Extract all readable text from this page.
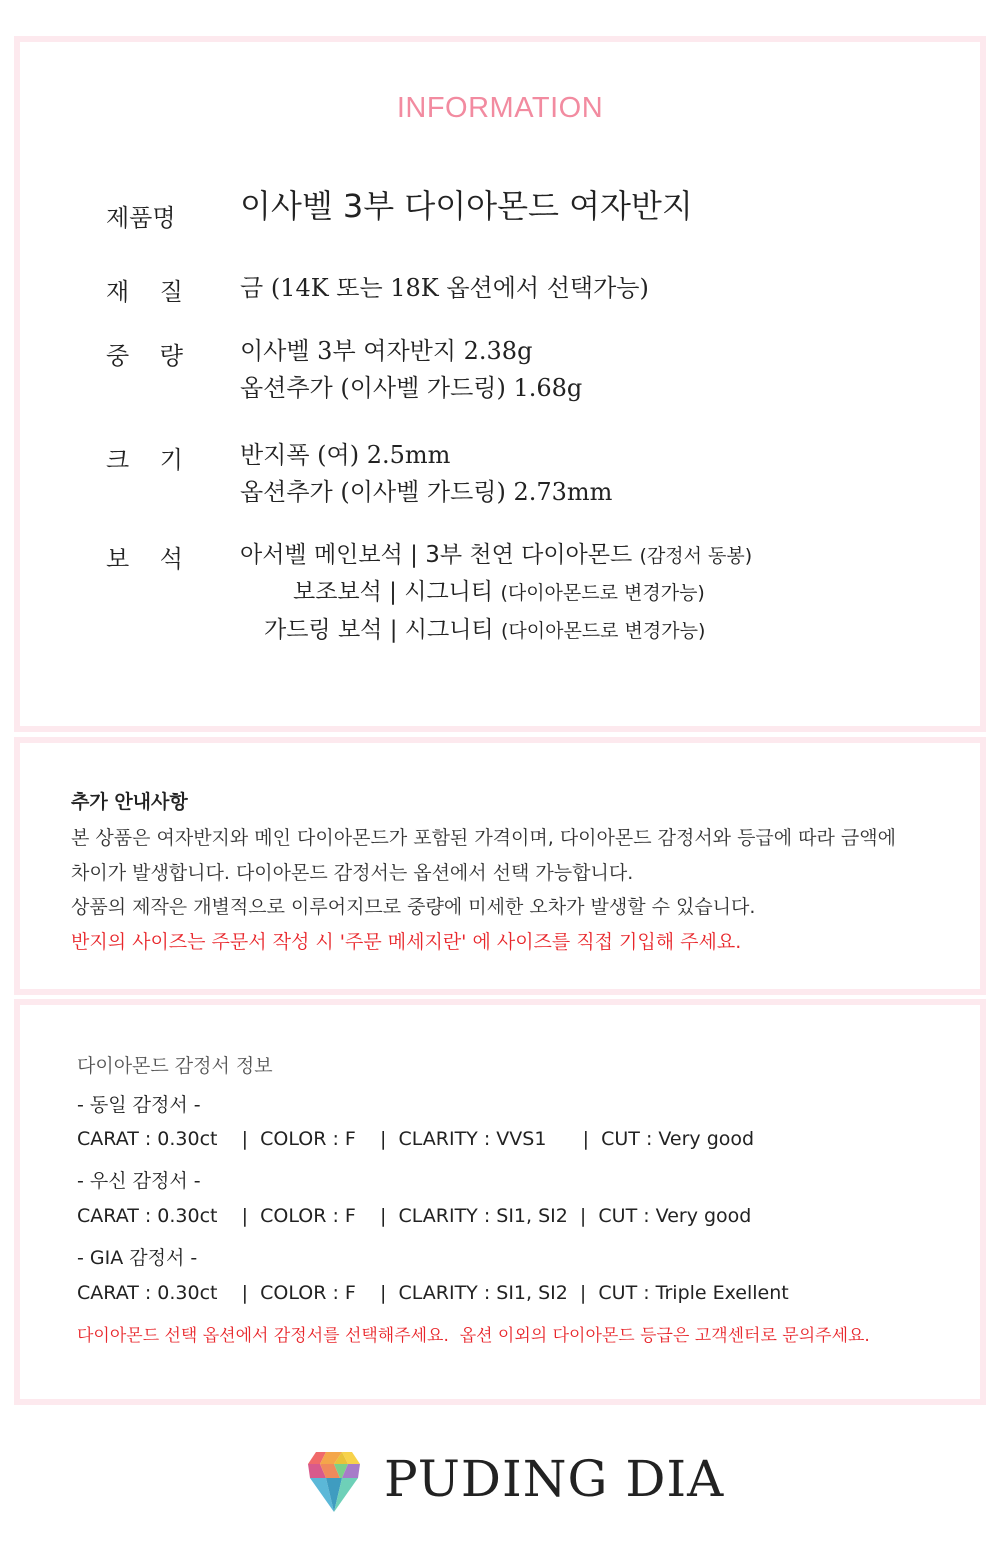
INFORMATION
제품명 이사벨 3부 다이아몬드 여자반지
재    질 금 (14K 또는 18K 옵션에서 선택가능)
중    량 이사벨 3부 여자반지 2.38g
옵션추가 (이사벨 가드링) 1.68g
크    기 반지폭 (여) 2.5mm
옵션추가 (이사벨 가드링) 2.73mm
보    석 아서벨 메인보석 | 3부 천연 다이아몬드 (감정서 동봉)
보조보석 | 시그니티 (다이아몬드로 변경가능)
가드링 보석 | 시그니티 (다이아몬드로 변경가능)
추가 안내사항
본 상품은 여자반지와 메인 다이아몬드가 포함된 가격이며, 다이아몬드 감정서와 등급에 따라 금액에
차이가 발생합니다. 다이아몬드 감정서는 옵션에서 선택 가능합니다.
상품의 제작은 개별적으로 이루어지므로 중량에 미세한 오차가 발생할 수 있습니다.
반지의 사이즈는 주문서 작성 시 '주문 메세지란' 에 사이즈를 직접 기입해 주세요.
다이아몬드 감정서 정보
- 동일 감정서 -
CARAT : 0.30ct    |  COLOR : F    |  CLARITY : VVS1      |  CUT : Very good
- 우신 감정서 -
CARAT : 0.30ct    |  COLOR : F    |  CLARITY : SI1, SI2  |  CUT : Very good
- GIA 감정서 -
CARAT : 0.30ct    |  COLOR : F    |  CLARITY : SI1, SI2  |  CUT : Triple Exellent
다이아몬드 선택 옵션에서 감정서를 선택해주세요.  옵션 이외의 다이아몬드 등급은 고객센터로 문의주세요.
PUDING DIA
